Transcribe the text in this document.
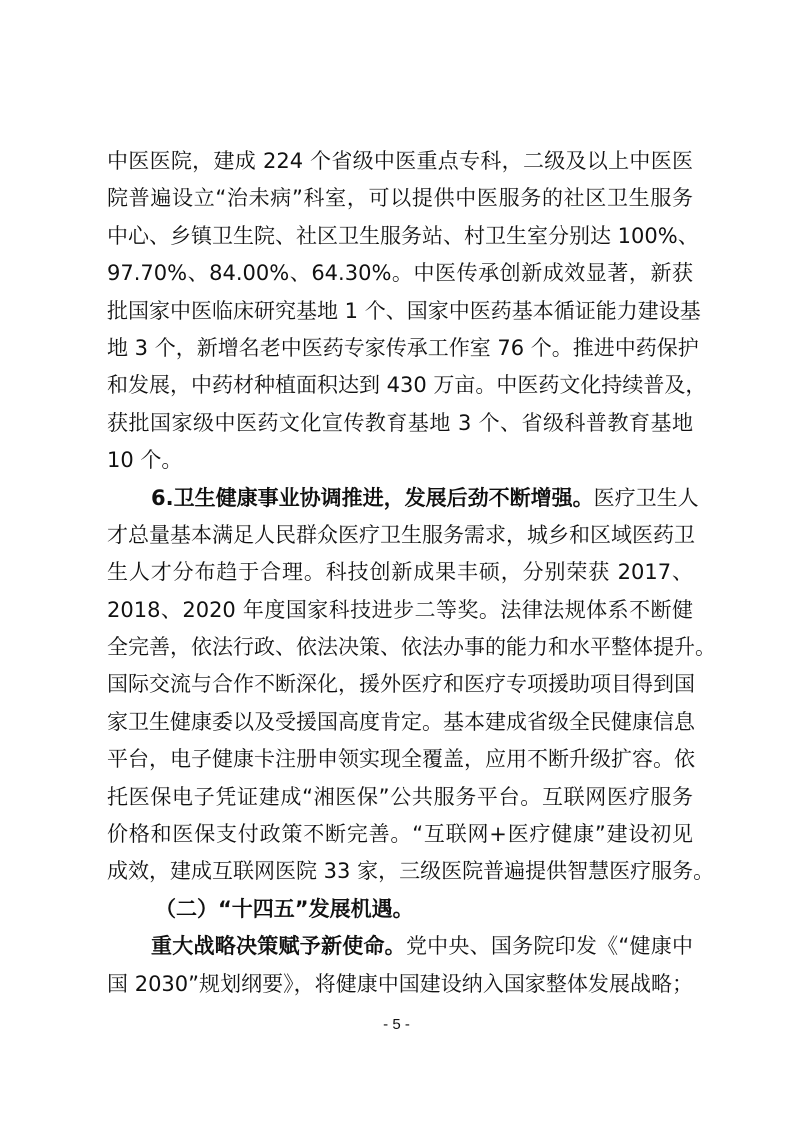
中医医院，建成 224 个省级中医重点专科，二级及以上中医医
院普遍设立“治未病”科室，可以提供中医服务的社区卫生服务
中心、乡镇卫生院、社区卫生服务站、村卫生室分别达 100%、
97.70%、84.00%、64.30%。中医传承创新成效显著，新获
批国家中医临床研究基地 1 个、国家中医药基本循证能力建设基
地 3 个，新增名老中医药专家传承工作室 76 个。推进中药保护
和发展，中药材种植面积达到 430 万亩。中医药文化持续普及，
获批国家级中医药文化宣传教育基地 3 个、省级科普教育基地
10 个。
6.卫生健康事业协调推进，发展后劲不断增强。医疗卫生人
才总量基本满足人民群众医疗卫生服务需求，城乡和区域医药卫
生人才分布趋于合理。科技创新成果丰硕，分别荣获 2017、
2018、2020 年度国家科技进步二等奖。法律法规体系不断健
全完善，依法行政、依法决策、依法办事的能力和水平整体提升。
国际交流与合作不断深化，援外医疗和医疗专项援助项目得到国
家卫生健康委以及受援国高度肯定。基本建成省级全民健康信息
平台，电子健康卡注册申领实现全覆盖，应用不断升级扩容。依
托医保电子凭证建成“湘医保”公共服务平台。互联网医疗服务
价格和医保支付政策不断完善。“互联网+医疗健康”建设初见
成效，建成互联网医院 33 家，三级医院普遍提供智慧医疗服务。
（二）“十四五”发展机遇。
重大战略决策赋予新使命。党中央、国务院印发《“健康中
国 2030”规划纲要》，将健康中国建设纳入国家整体发展战略；
- 5 -
